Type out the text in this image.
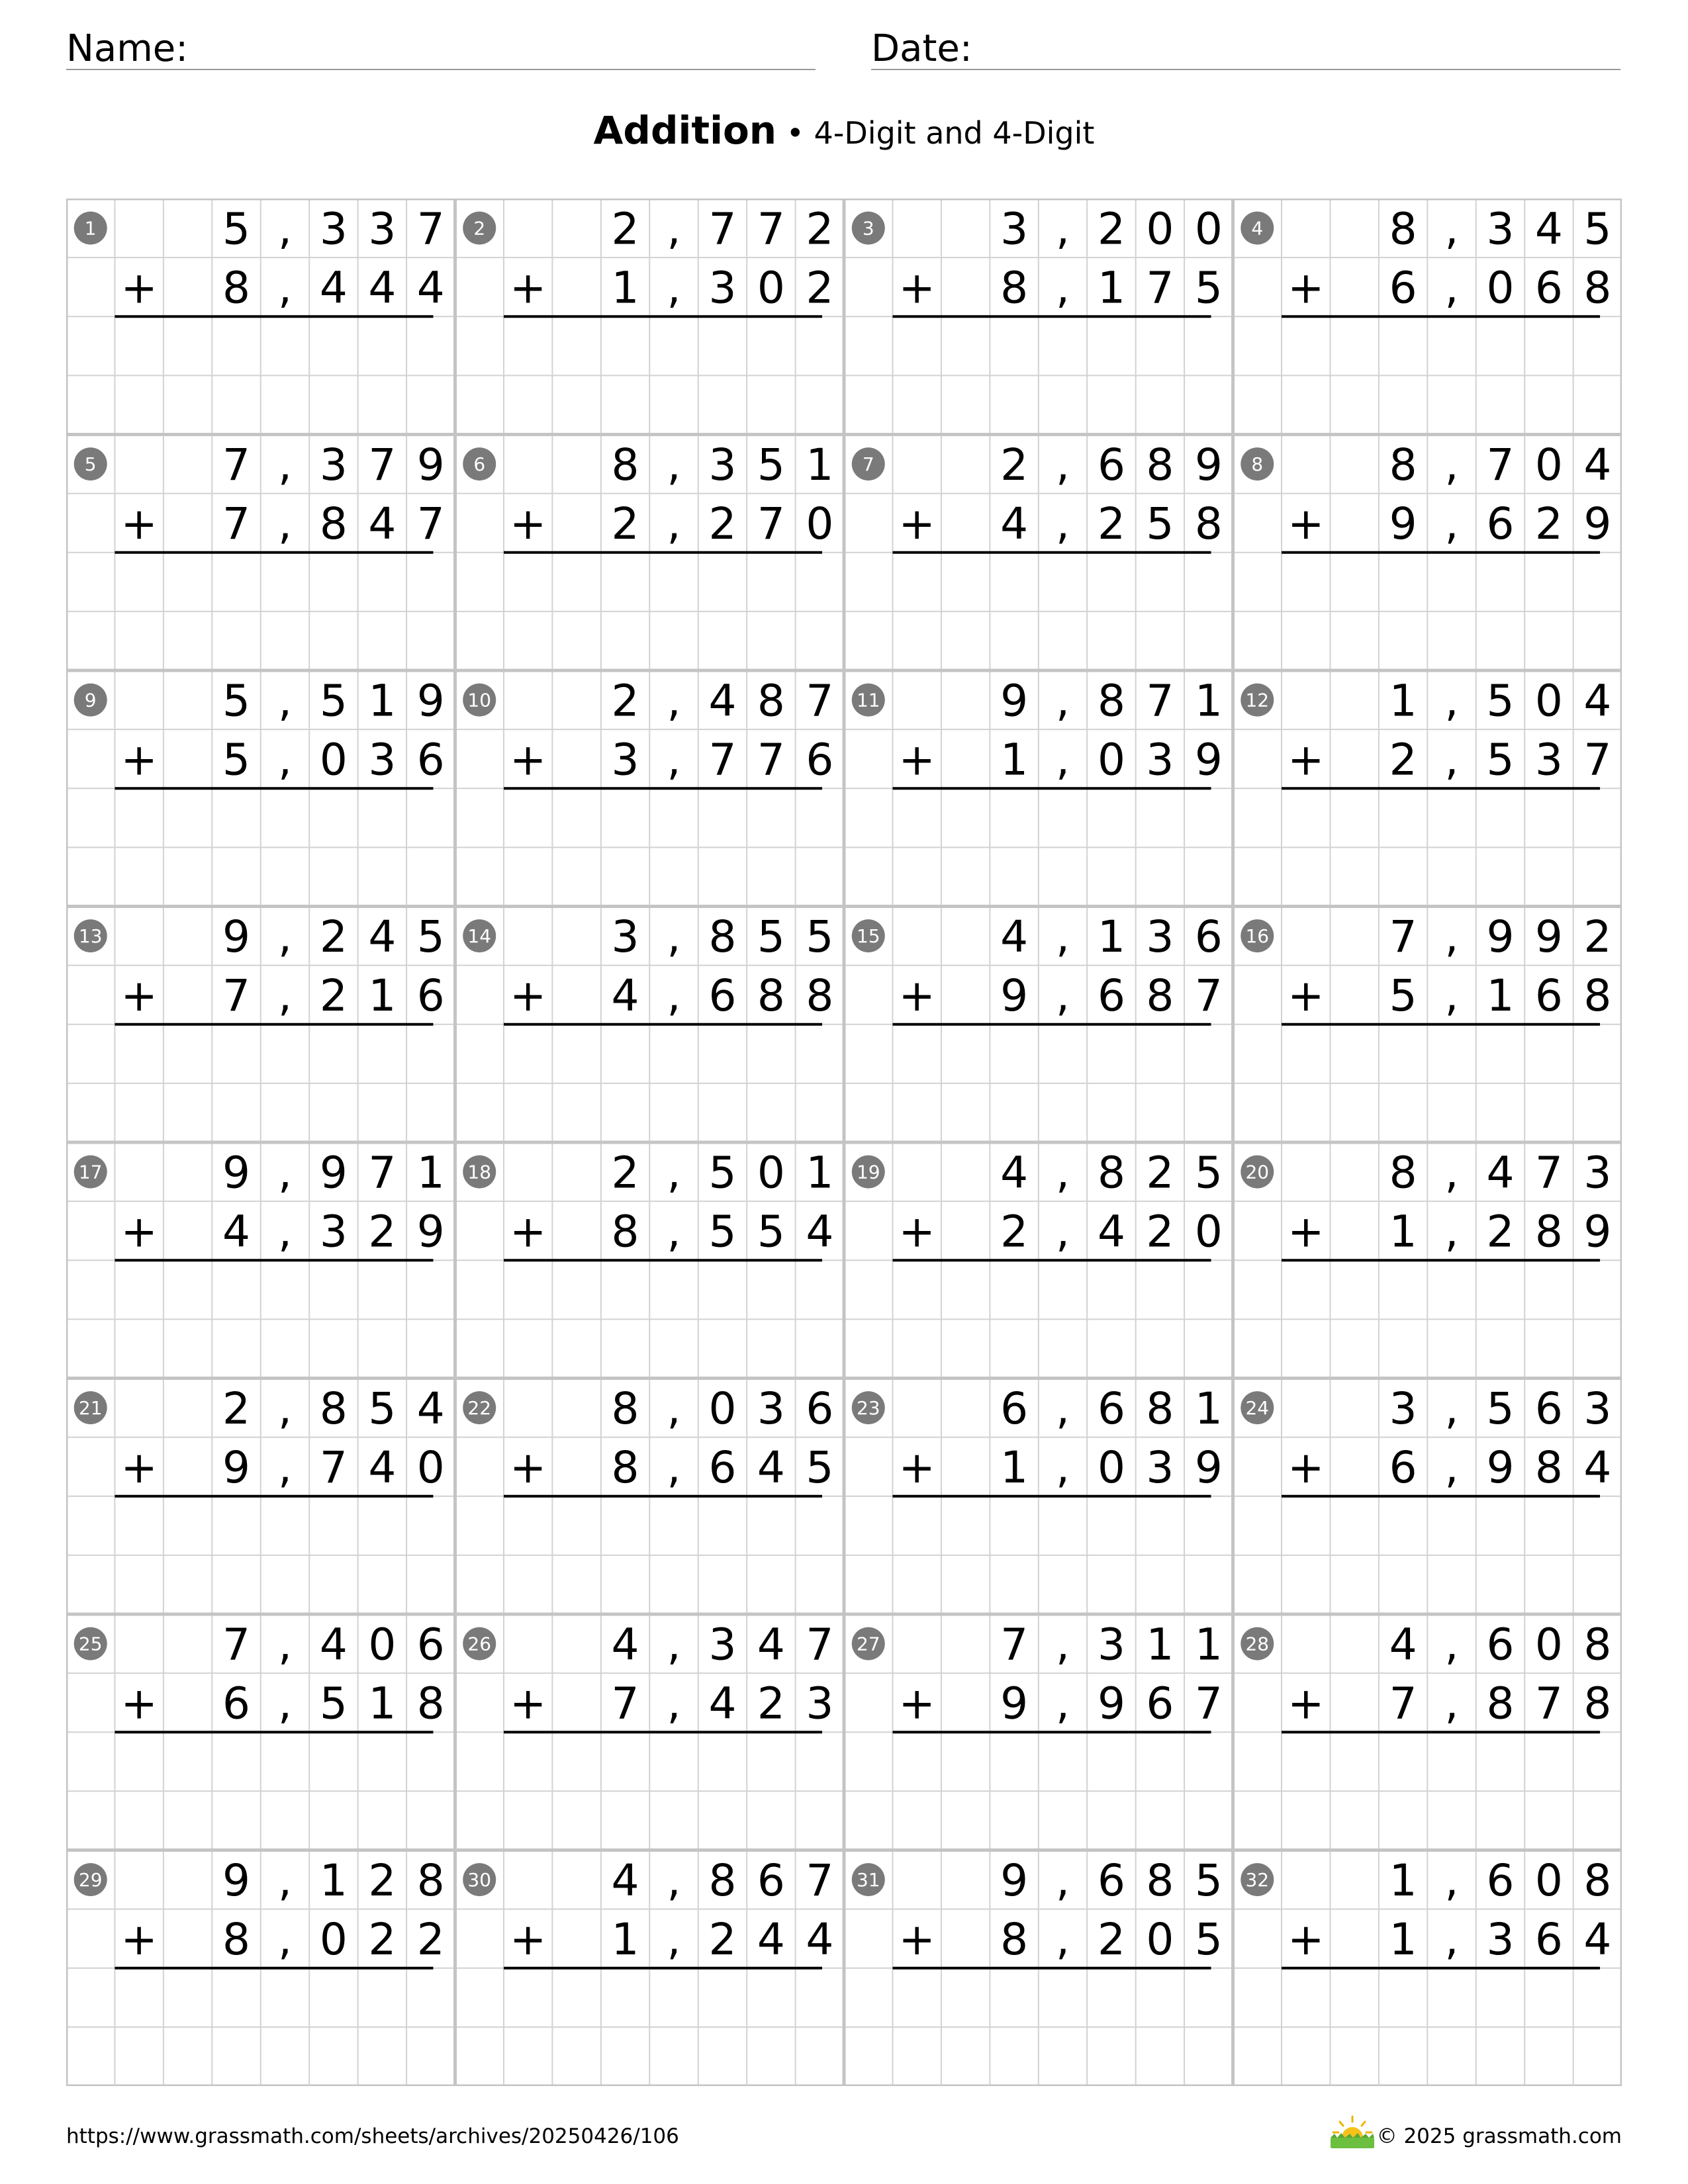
Name:	Date:
Addition • 4-Digit and 4-Digit
1	5 , 3 3 7
+ 8 , 4 4 4
2	2 , 7 7 2
+ 1 , 3 0 2
3	3 , 2 0 0
+ 8 , 1 7 5
4	8 , 3 4 5
+ 6 , 0 6 8
5	7 , 3 7 9
+ 7 , 8 4 7
6	8 , 3 5 1
+ 2 , 2 7 0
7	2 , 6 8 9
+ 4 , 2 5 8
8	8 , 7 0 4
+ 9 , 6 2 9
9	5 , 5 1 9
+ 5 , 0 3 6
10	2 , 4 8 7
+ 3 , 7 7 6
11	9 , 8 7 1
+ 1 , 0 3 9
12	1 , 5 0 4
+ 2 , 5 3 7
13	9 , 2 4 5
+ 7 , 2 1 6
14	3 , 8 5 5
+ 4 , 6 8 8
15	4 , 1 3 6
+ 9 , 6 8 7
16	7 , 9 9 2
+ 5 , 1 6 8
17	9 , 9 7 1
+ 4 , 3 2 9
18	2 , 5 0 1
+ 8 , 5 5 4
19	4 , 8 2 5
+ 2 , 4 2 0
20	8 , 4 7 3
+ 1 , 2 8 9
21	2 , 8 5 4
+ 9 , 7 4 0
22	8 , 0 3 6
+ 8 , 6 4 5
23	6 , 6 8 1
+ 1 , 0 3 9
24	3 , 5 6 3
+ 6 , 9 8 4
25	7 , 4 0 6
+ 6 , 5 1 8
26	4 , 3 4 7
+ 7 , 4 2 3
27	7 , 3 1 1
+ 9 , 9 6 7
28	4 , 6 0 8
+ 7 , 8 7 8
29	9 , 1 2 8
+ 8 , 0 2 2
30	4 , 8 6 7
+ 1 , 2 4 4
31	9 , 6 8 5
+ 8 , 2 0 5
32	1 , 6 0 8
+ 1 , 3 6 4
https://www.grassmath.com/sheets/archives/20250426/106	© 2025 grassmath.com
